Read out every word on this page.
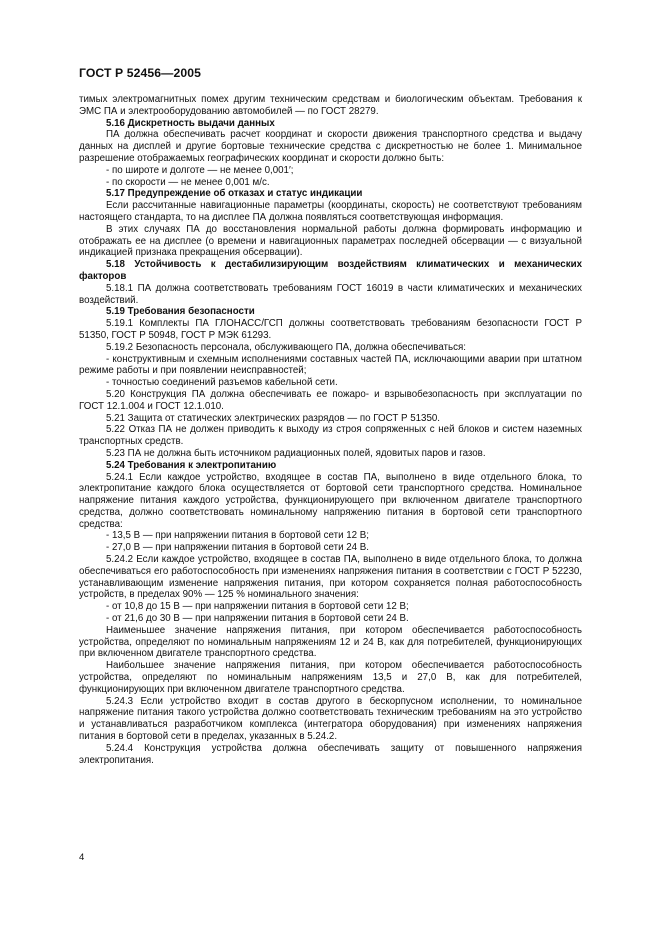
ГОСТ Р 52456—2005

тимых электромагнитных помех другим техническим средствам и биологическим объектам. Требования к ЭМС ПА и электрооборудованию автомобилей — по ГОСТ 28279.

5.16 Дискретность выдачи данных

ПА должна обеспечивать расчет координат и скорости движения транспортного средства и выдачу данных на дисплей и другие бортовые технические средства с дискретностью не более 1. Минимальное разрешение отображаемых географических координат и скорости должно быть:

- по широте и долготе — не менее 0,001′;

- по скорости — не менее 0,001 м/с.

5.17 Предупреждение об отказах и статус индикации

Если рассчитанные навигационные параметры (координаты, скорость) не соответствуют требованиям настоящего стандарта, то на дисплее ПА должна появляться соответствующая информация.

В этих случаях ПА до восстановления нормальной работы должна формировать информацию и отображать ее на дисплее (о времени и навигационных параметрах последней обсервации — с визуальной индикацией признака прекращения обсервации).

5.18 Устойчивость к дестабилизирующим воздействиям климатических и механических факторов

5.18.1 ПА должна соответствовать требованиям ГОСТ 16019 в части климатических и механических воздействий.

5.19 Требования безопасности

5.19.1 Комплекты ПА ГЛОНАСС/ГСП должны соответствовать требованиям безопасности ГОСТ Р 51350, ГОСТ Р 50948, ГОСТ Р МЭК 61293.

5.19.2 Безопасность персонала, обслуживающего ПА, должна обеспечиваться:

- конструктивным и схемным исполнениями составных частей ПА, исключающими аварии при штатном режиме работы и при появлении неисправностей;

- точностью соединений разъемов кабельной сети.

5.20 Конструкция ПА должна обеспечивать ее пожаро- и взрывобезопасность при эксплуатации по ГОСТ 12.1.004 и ГОСТ 12.1.010.

5.21 Защита от статических электрических разрядов — по ГОСТ Р 51350.

5.22 Отказ ПА не должен приводить к выходу из строя сопряженных с ней блоков и систем наземных транспортных средств.

5.23 ПА не должна быть источником радиационных полей, ядовитых паров и газов.

5.24 Требования к электропитанию

5.24.1 Если каждое устройство, входящее в состав ПА, выполнено в виде отдельного блока, то электропитание каждого блока осуществляется от бортовой сети транспортного средства. Номинальное напряжение питания каждого устройства, функционирующего при включенном двигателе транспортного средства, должно соответствовать номинальному напряжению питания в бортовой сети транспортного средства:

- 13,5 В — при напряжении питания в бортовой сети 12 В;

- 27,0 В — при напряжении питания в бортовой сети 24 В.

5.24.2 Если каждое устройство, входящее в состав ПА, выполнено в виде отдельного блока, то должна обеспечиваться его работоспособность при изменениях напряжения питания в соответствии с ГОСТ Р 52230, устанавливающим изменение напряжения питания, при котором сохраняется полная работоспособность устройств, в пределах 90% — 125 % номинального значения:

- от 10,8 до 15 В — при напряжении питания в бортовой сети 12 В;

- от 21,6 до 30 В — при напряжении питания в бортовой сети 24 В.

Наименьшее значение напряжения питания, при котором обеспечивается работоспособность устройства, определяют по номинальным напряжениям 12 и 24 В, как для потребителей, функционирующих при включенном двигателе транспортного средства.

Наибольшее значение напряжения питания, при котором обеспечивается работоспособность устройства, определяют по номинальным напряжениям 13,5 и 27,0 В, как для потребителей, функционирующих при включенном двигателе транспортного средства.

5.24.3 Если устройство входит в состав другого в бескорпусном исполнении, то номинальное напряжение питания такого устройства должно соответствовать техническим требованиям на это устройство и устанавливаться разработчиком комплекса (интегратора оборудования) при изменениях напряжения питания в бортовой сети в пределах, указанных в 5.24.2.

5.24.4 Конструкция устройства должна обеспечивать защиту от повышенного напряжения электропитания.

4
